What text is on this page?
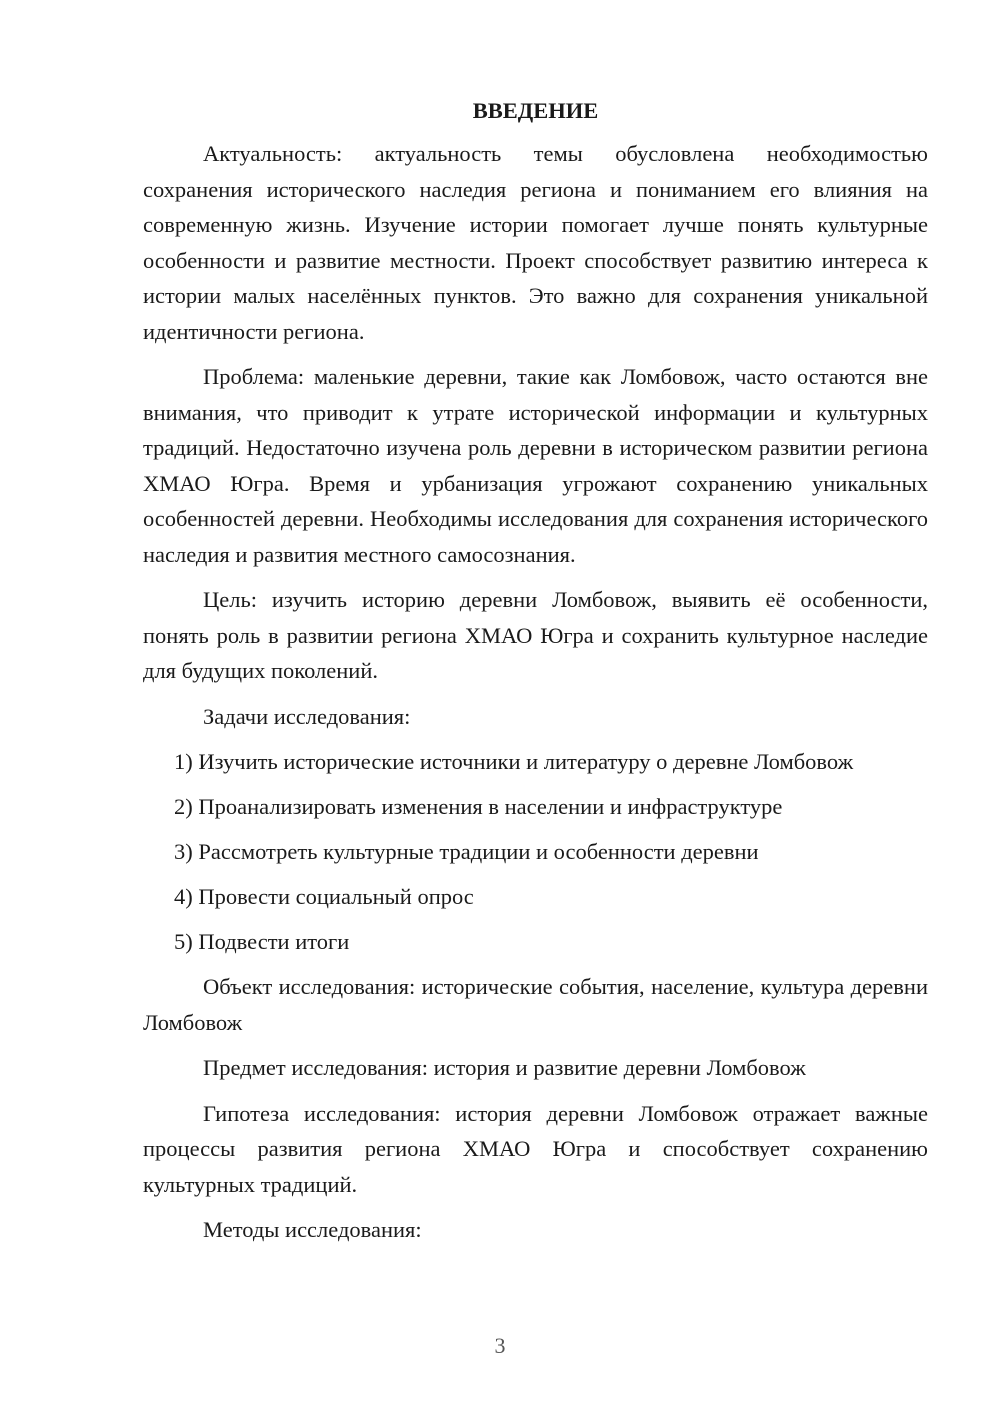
ВВЕДЕНИЕ

Актуальность: актуальность темы обусловлена необходимостью сохранения исторического наследия региона и пониманием его влияния на современную жизнь. Изучение истории помогает лучше понять культурные особенности и развитие местности. Проект способствует развитию интереса к истории малых населённых пунктов. Это важно для сохранения уникальной идентичности региона.

Проблема: маленькие деревни, такие как Ломбовож, часто остаются вне внимания, что приводит к утрате исторической информации и культурных традиций. Недостаточно изучена роль деревни в историческом развитии региона ХМАО Югра. Время и урбанизация угрожают сохранению уникальных особенностей деревни. Необходимы исследования для сохранения исторического наследия и развития местного самосознания.

Цель: изучить историю деревни Ломбовож, выявить её особенности, понять роль в развитии региона ХМАО Югра и сохранить культурное наследие для будущих поколений.

Задачи исследования:

1) Изучить исторические источники и литературу о деревне Ломбовож
2) Проанализировать изменения в населении и инфраструктуре
3) Рассмотреть культурные традиции и особенности деревни
4) Провести социальный опрос
5) Подвести итоги

Объект исследования: исторические события, население, культура деревни Ломбовож

Предмет исследования: история и развитие деревни Ломбовож

Гипотеза исследования: история деревни Ломбовож отражает важные процессы развития региона ХМАО Югра и способствует сохранению культурных традиций.

Методы исследования:

3
